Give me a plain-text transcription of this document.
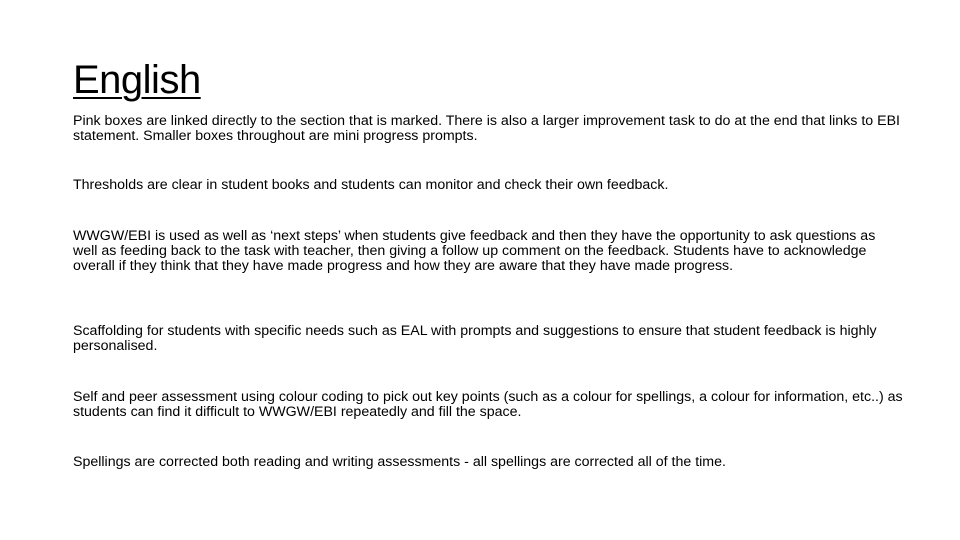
English

Pink boxes are linked directly to the section that is marked. There is also a larger improvement task to do at the end that links to EBI statement. Smaller boxes throughout are mini progress prompts.

Thresholds are clear in student books and students can monitor and check their own feedback.

WWGW/EBI is used as well as ‘next steps’ when students give feedback and then they have the opportunity to ask questions as well as feeding back to the task with teacher, then giving a follow up comment on the feedback. Students have to acknowledge overall if they think that they have made progress and how they are aware that they have made progress.

Scaffolding for students with specific needs such as EAL with prompts and suggestions to ensure that student feedback is highly personalised.

Self and peer assessment using colour coding to pick out key points (such as a colour for spellings, a colour for information, etc..) as students can find it difficult to WWGW/EBI repeatedly and fill the space.

Spellings are corrected both reading and writing assessments - all spellings are corrected all of the time.
